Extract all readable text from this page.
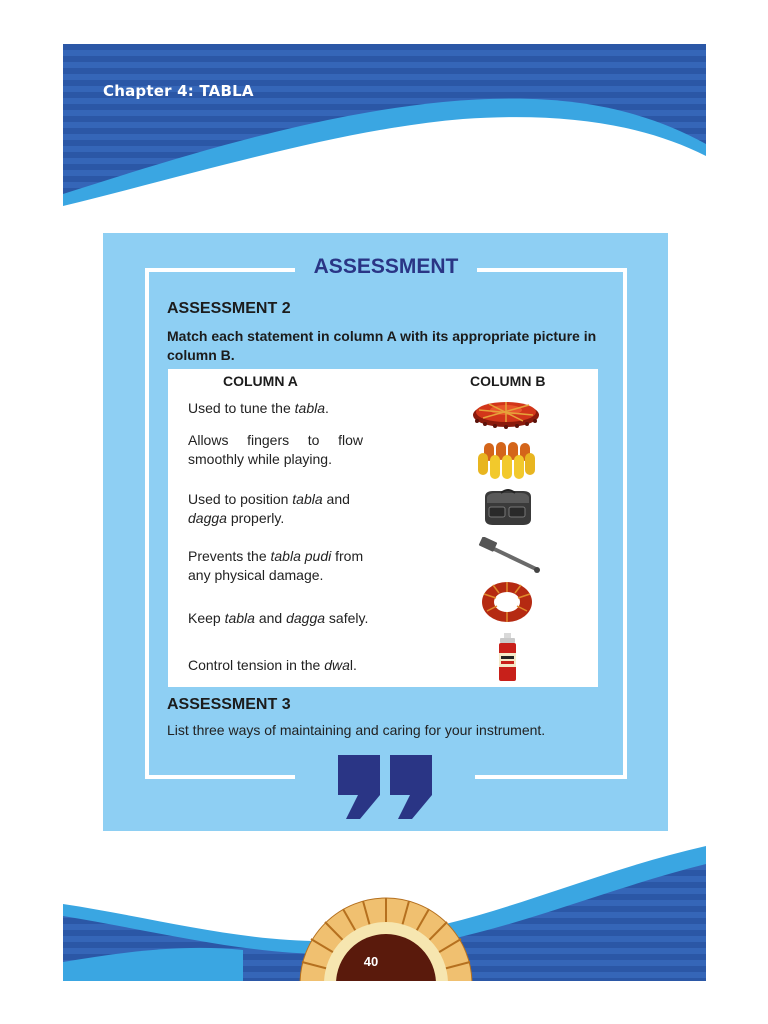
Chapter 4: TABLA
ASSESSMENT
ASSESSMENT 2
Match each statement in column A with its appropriate picture in column B.
COLUMN A	COLUMN B
Used to tune the tabla.
Allows fingers to flow smoothly while playing.
Used to position tabla and dagga properly.
Prevents the tabla pudi from any physical damage.
Keep tabla and dagga safely.
Control tension in the dwal.
ASSESSMENT 3
List three ways of maintaining and caring for your instrument.
40
